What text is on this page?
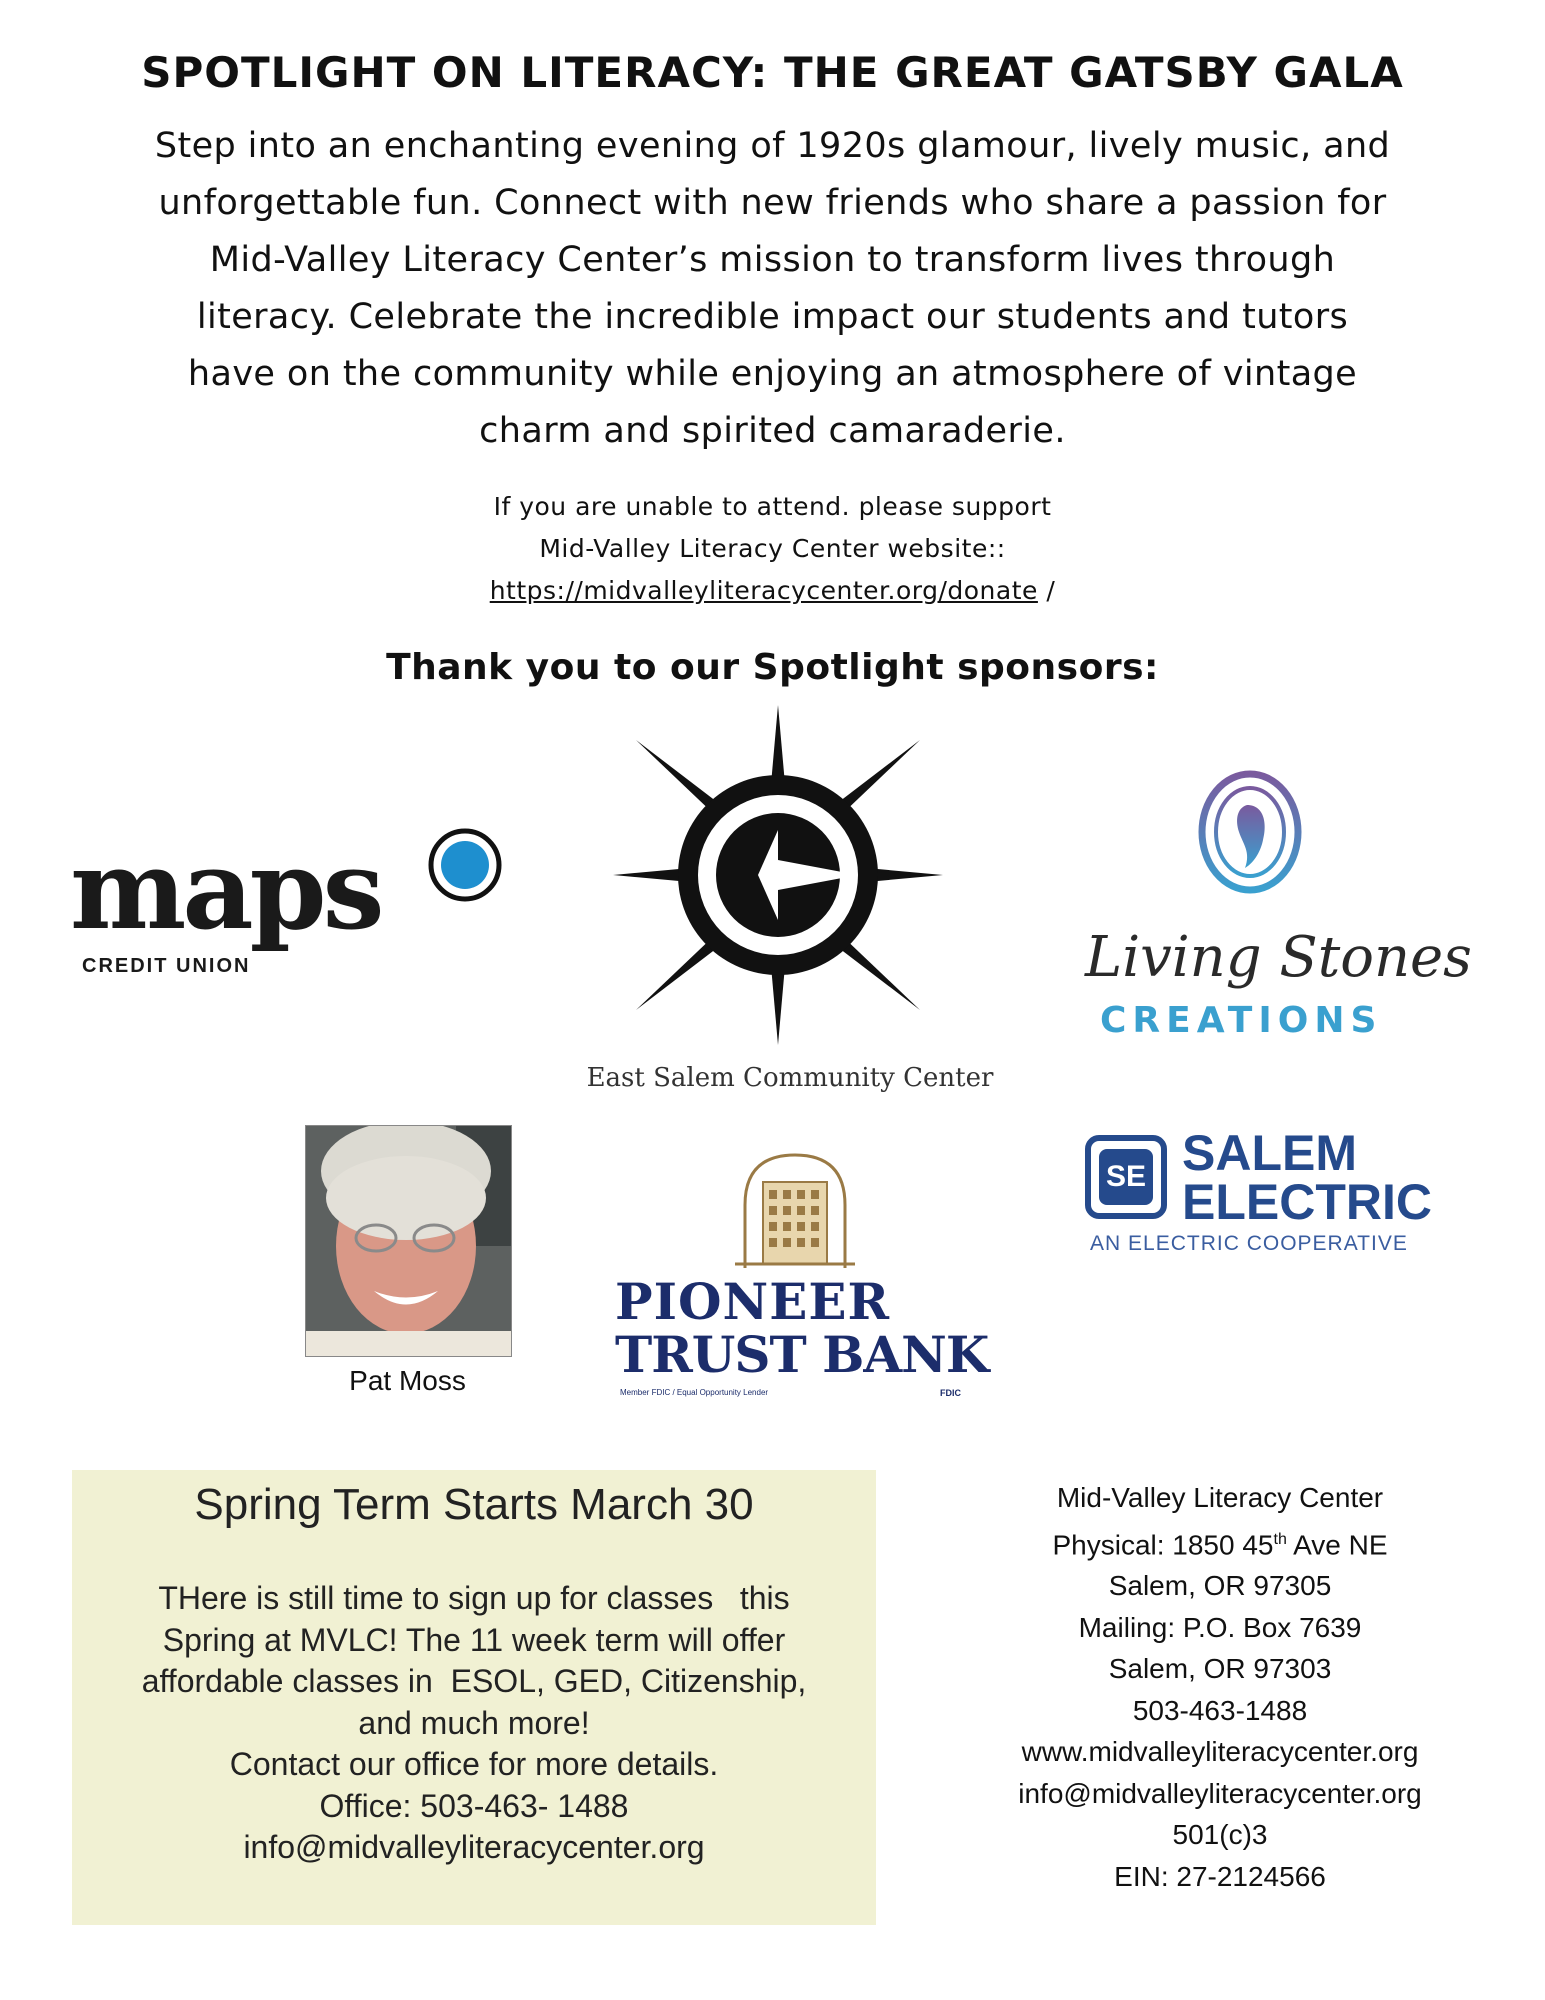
SPOTLIGHT ON LITERACY: THE GREAT GATSBY GALA
Step into an enchanting evening of 1920s glamour, lively music, and unforgettable fun. Connect with new friends who share a passion for Mid-Valley Literacy Center’s mission to transform lives through literacy. Celebrate the incredible impact our students and tutors have on the community while enjoying an atmosphere of vintage charm and spirited camaraderie.
If you are unable to attend. please support
Mid-Valley Literacy Center website::
https://midvalleyliteracycenter.org/donate /
Thank you to our Spotlight sponsors:
maps
CREDIT UNION
East Salem Community Center
Living Stones
CREATIONS
Pat Moss
PIONEER
TRUST BANK
Member FDIC / Equal Opportunity Lender	FDIC
SE SALEM
ELECTRIC
AN ELECTRIC COOPERATIVE
Spring Term Starts March 30
THere is still time to sign up for classes   this
Spring at MVLC! The 11 week term will offer
affordable classes in  ESOL, GED, Citizenship,
and much more!
Contact our office for more details.
Office: 503-463- 1488
info@midvalleyliteracycenter.org
Mid-Valley Literacy Center
Physical: 1850 45th Ave NE
Salem, OR 97305
Mailing: P.O. Box 7639
Salem, OR 97303
503-463-1488
www.midvalleyliteracycenter.org
info@midvalleyliteracycenter.org
501(c)3
EIN: 27-2124566
